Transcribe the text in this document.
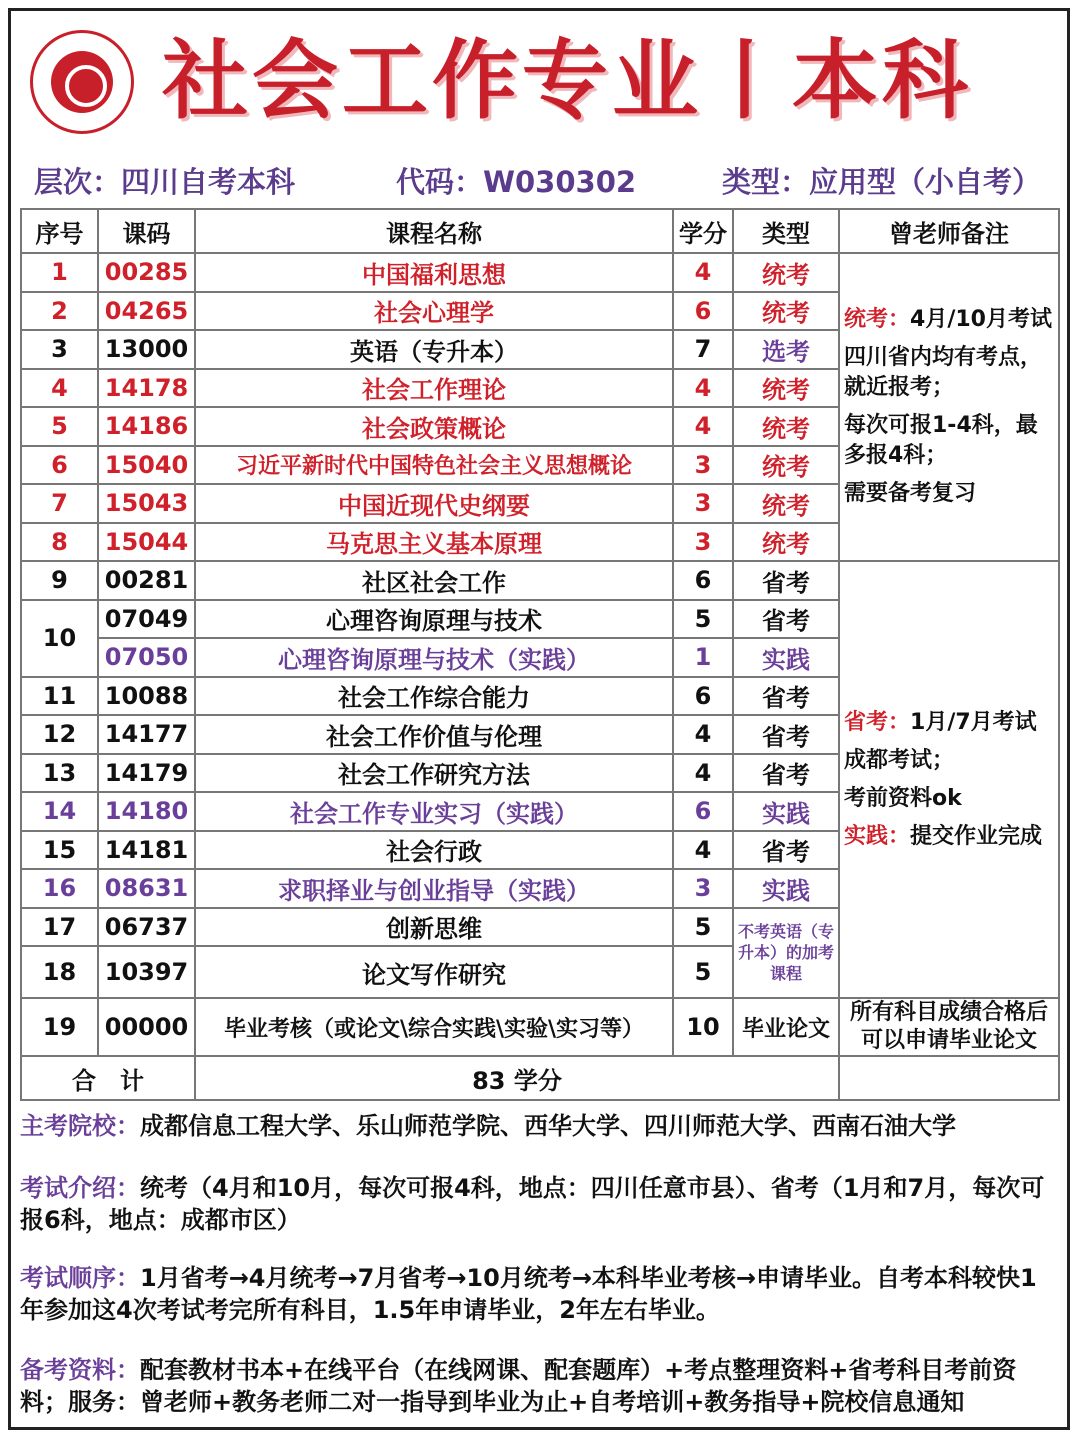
社会工作专业丨本科
层次：四川自考本科	代码：W030302	类型：应用型（小自考）
序号	课码	课程名称	学分	类型	曾老师备注
1	00285	中国福利思想	4	统考	统考：4月/10月考试

四川省内均有考点，就近报考；

每次可报1-4科，最多报4科；

需要备考复习

2	04265	社会心理学	6	统考	
3	13000	英语（专升本）	7	选考	
4	14178	社会工作理论	4	统考	
5	14186	社会政策概论	4	统考	
6	15040	习近平新时代中国特色社会主义思想概论	3	统考	
7	15043	中国近现代史纲要	3	统考	
8	15044	马克思主义基本原理	3	统考	
9	00281	社区社会工作	6	省考	省考：1月/7月考试

成都考试；

考前资料ok

实践：提交作业完成

10	07049	心理咨询原理与技术	5	省考	
	07050	心理咨询原理与技术（实践）	1	实践	
11	10088	社会工作综合能力	6	省考	
12	14177	社会工作价值与伦理	4	省考	
13	14179	社会工作研究方法	4	省考	
14	14180	社会工作专业实习（实践）	6	实践	
15	14181	社会行政	4	省考	
16	08631	求职择业与创业指导（实践）	3	实践	
17	06737	创新思维	5	不考英语（专升本）的加考课程	
18	10397	论文写作研究	5		
19	00000	毕业考核（或论文\综合实践\实验\实习等）	10	毕业论文	所有科目成绩合格后可以申请毕业论文
合　计		83 学分			
主考院校：成都信息工程大学、乐山师范学院、西华大学、四川师范大学、西南石油大学
考试介绍：统考（4月和10月，每次可报4科，地点：四川任意市县）、省考（1月和7月，每次可报6科，地点：成都市区）
考试顺序：1月省考→4月统考→7月省考→10月统考→本科毕业考核→申请毕业。自考本科较快1年参加这4次考试考完所有科目，1.5年申请毕业，2年左右毕业。
备考资料：配套教材书本+在线平台（在线网课、配套题库）+考点整理资料+省考科目考前资料；服务：曾老师+教务老师二对一指导到毕业为止+自考培训+教务指导+院校信息通知
